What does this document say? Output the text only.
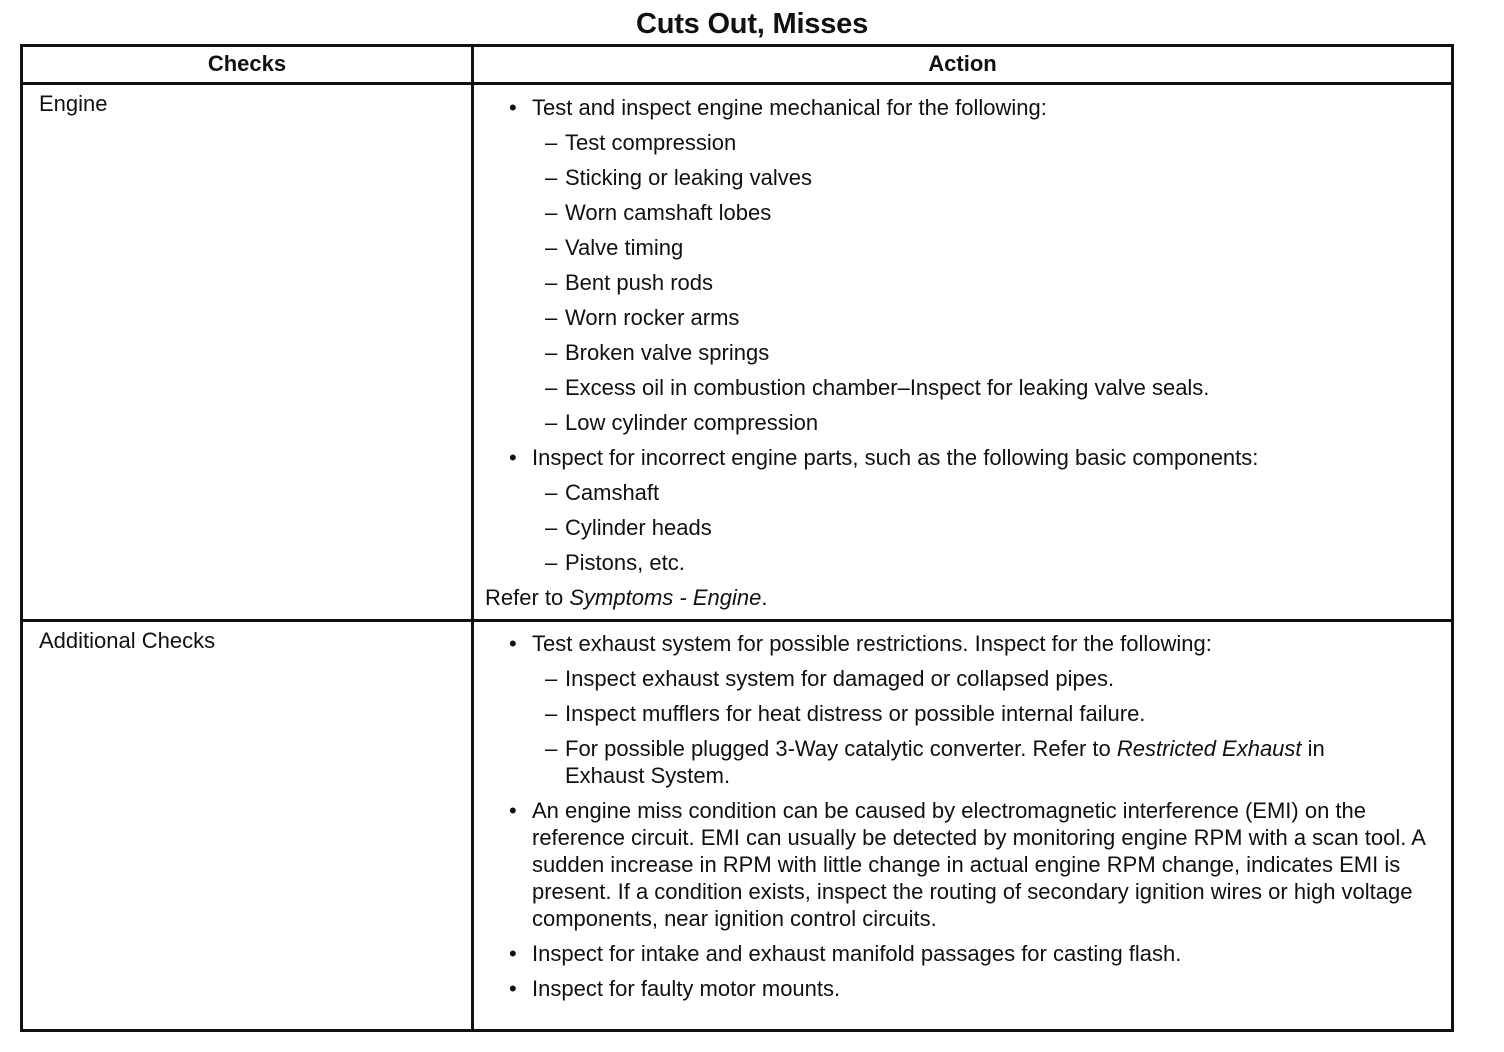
Cuts Out, Misses
Checks	Action
Engine	• Test and inspect engine mechanical for the following:
– Test compression
– Sticking or leaking valves
– Worn camshaft lobes
– Valve timing
– Bent push rods
– Worn rocker arms
– Broken valve springs
– Excess oil in combustion chamber–Inspect for leaking valve seals.
– Low cylinder compression
• Inspect for incorrect engine parts, such as the following basic components:
– Camshaft
– Cylinder heads
– Pistons, etc.
Refer to Symptoms - Engine.
Additional Checks	• Test exhaust system for possible restrictions. Inspect for the following:
– Inspect exhaust system for damaged or collapsed pipes.
– Inspect mufflers for heat distress or possible internal failure.
– For possible plugged 3-Way catalytic converter. Refer to Restricted Exhaust in Exhaust System.
• An engine miss condition can be caused by electromagnetic interference (EMI) on the reference circuit. EMI can usually be detected by monitoring engine RPM with a scan tool. A sudden increase in RPM with little change in actual engine RPM change, indicates EMI is present. If a condition exists, inspect the routing of secondary ignition wires or high voltage components, near ignition control circuits.
• Inspect for intake and exhaust manifold passages for casting flash.
• Inspect for faulty motor mounts.
